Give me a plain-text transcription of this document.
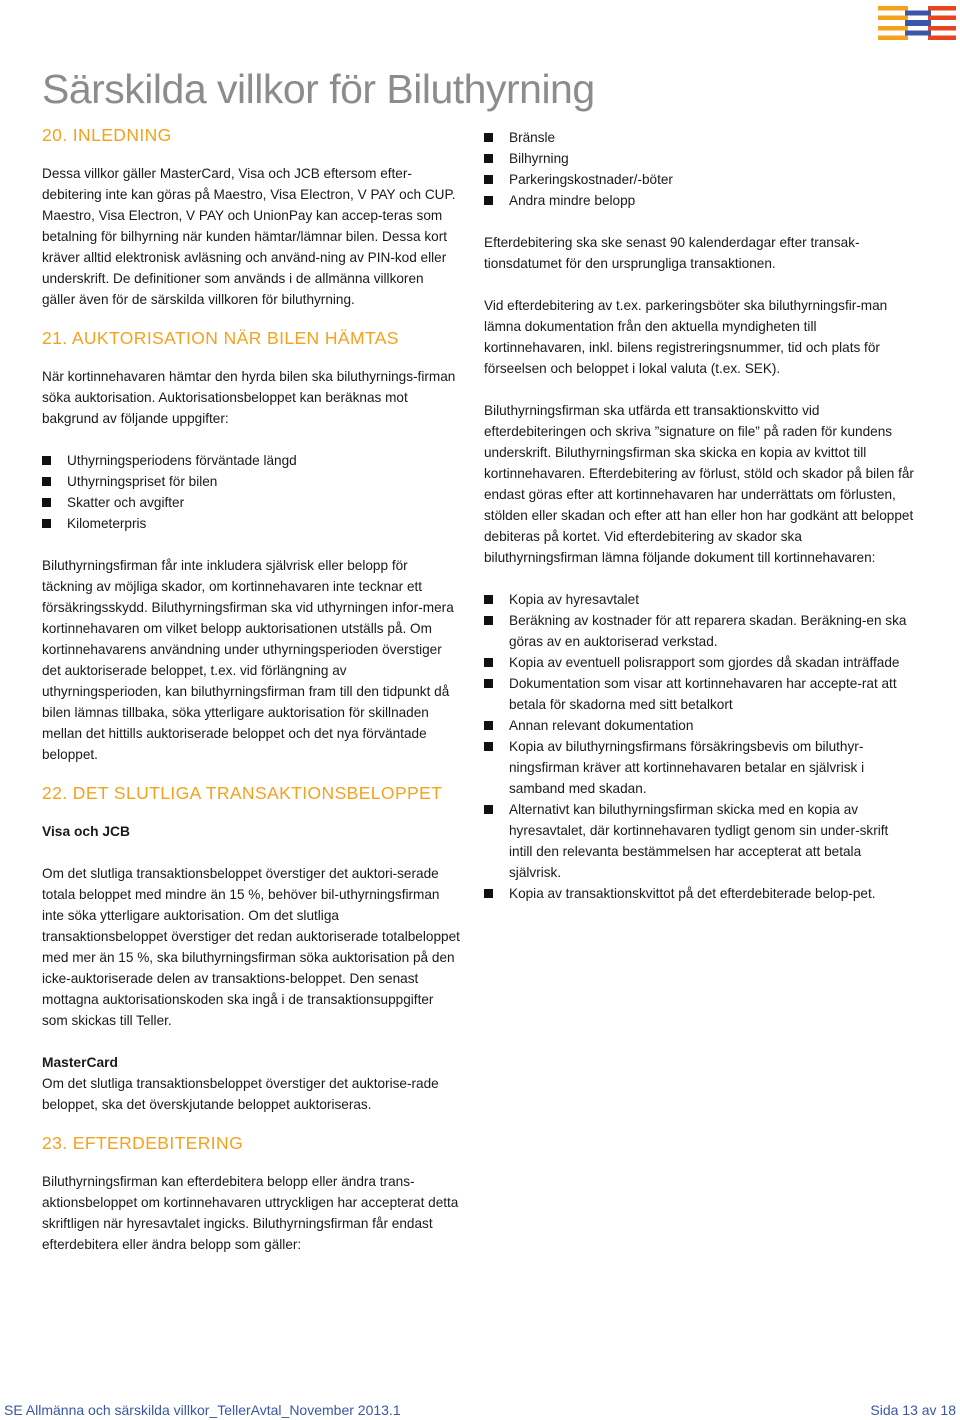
Särskilda villkor för Biluthyrning
20. INLEDNING

Dessa villkor gäller MasterCard, Visa och JCB eftersom efter-debitering inte kan göras på Maestro, Visa Electron, V PAY och CUP. Maestro, Visa Electron, V PAY och UnionPay kan accep-teras som betalning för bilhyrning när kunden hämtar/lämnar bilen. Dessa kort kräver alltid elektronisk avläsning och använd-ning av PIN-kod eller underskrift. De definitioner som används i de allmänna villkoren gäller även för de särskilda villkoren för biluthyrning.

21. AUKTORISATION NÄR BILEN HÄMTAS

När kortinnehavaren hämtar den hyrda bilen ska biluthyrnings-firman söka auktorisation. Auktorisationsbeloppet kan beräknas mot bakgrund av följande uppgifter:

Uthyrningsperiodens förväntade längd
Uthyrningspriset för bilen
Skatter och avgifter
Kilometerpris

Biluthyrningsfirman får inte inkludera självrisk eller belopp för täckning av möjliga skador, om kortinnehavaren inte tecknar ett försäkringsskydd. Biluthyrningsfirman ska vid uthyrningen infor-mera kortinnehavaren om vilket belopp auktorisationen utställs på. Om kortinnehavarens användning under uthyrningsperioden överstiger det auktoriserade beloppet, t.ex. vid förlängning av uthyrningsperioden, kan biluthyrningsfirman fram till den tidpunkt då bilen lämnas tillbaka, söka ytterligare auktorisation för skillnaden mellan det hittills auktoriserade beloppet och det nya förväntade beloppet.

22. DET SLUTLIGA TRANSAKTIONSBELOPPET
Visa och JCB

Om det slutliga transaktionsbeloppet överstiger det auktori-serade totala beloppet med mindre än 15 %, behöver bil-uthyrningsfirman inte söka ytterligare auktorisation. Om det slutliga transaktionsbeloppet överstiger det redan auktoriserade totalbeloppet med mer än 15 %, ska biluthyrningsfirman söka auktorisation på den icke-auktoriserade delen av transaktions-beloppet. Den senast mottagna auktorisationskoden ska ingå i de transaktionsuppgifter som skickas till Teller.

MasterCard

Om det slutliga transaktionsbeloppet överstiger det auktorise-rade beloppet, ska det överskjutande beloppet auktoriseras.

23. EFTERDEBITERING

Biluthyrningsfirman kan efterdebitera belopp eller ändra trans-aktionsbeloppet om kortinnehavaren uttryckligen har accepterat detta skriftligen när hyresavtalet ingicks. Biluthyrningsfirman får endast efterdebitera eller ändra belopp som gäller:

Bränsle
Bilhyrning
Parkeringskostnader/-böter
Andra mindre belopp

Efterdebitering ska ske senast 90 kalenderdagar efter transak-tionsdatumet för den ursprungliga transaktionen.

Vid efterdebitering av t.ex. parkeringsböter ska biluthyrningsfir-man lämna dokumentation från den aktuella myndigheten till kortinnehavaren, inkl. bilens registreringsnummer, tid och plats för förseelsen och beloppet i lokal valuta (t.ex. SEK).

Biluthyrningsfirman ska utfärda ett transaktionskvitto vid efterdebiteringen och skriva ”signature on file” på raden för kundens underskrift. Biluthyrningsfirman ska skicka en kopia av kvittot till kortinnehavaren. Efterdebitering av förlust, stöld och skador på bilen får endast göras efter att kortinnehavaren har underrättats om förlusten, stölden eller skadan och efter att han eller hon har godkänt att beloppet debiteras på kortet. Vid efterdebitering av skador ska biluthyrningsfirman lämna följande dokument till kortinnehavaren:

Kopia av hyresavtalet
Beräkning av kostnader för att reparera skadan. Beräkning-en ska göras av en auktoriserad verkstad.
Kopia av eventuell polisrapport som gjordes då skadan inträffade
Dokumentation som visar att kortinnehavaren har accepte-rat att betala för skadorna med sitt betalkort
Annan relevant dokumentation
Kopia av biluthyrningsfirmans försäkringsbevis om biluthyr-ningsfirman kräver att kortinnehavaren betalar en självrisk i samband med skadan.
Alternativt kan biluthyrningsfirman skicka med en kopia av hyresavtalet, där kortinnehavaren tydligt genom sin under-skrift intill den relevanta bestämmelsen har accepterat att betala självrisk.
Kopia av transaktionskvittot på det efterdebiterade belop-pet.
SE Allmänna och särskilda villkor_TellerAvtal_November 2013.1	Sida 13 av 18
